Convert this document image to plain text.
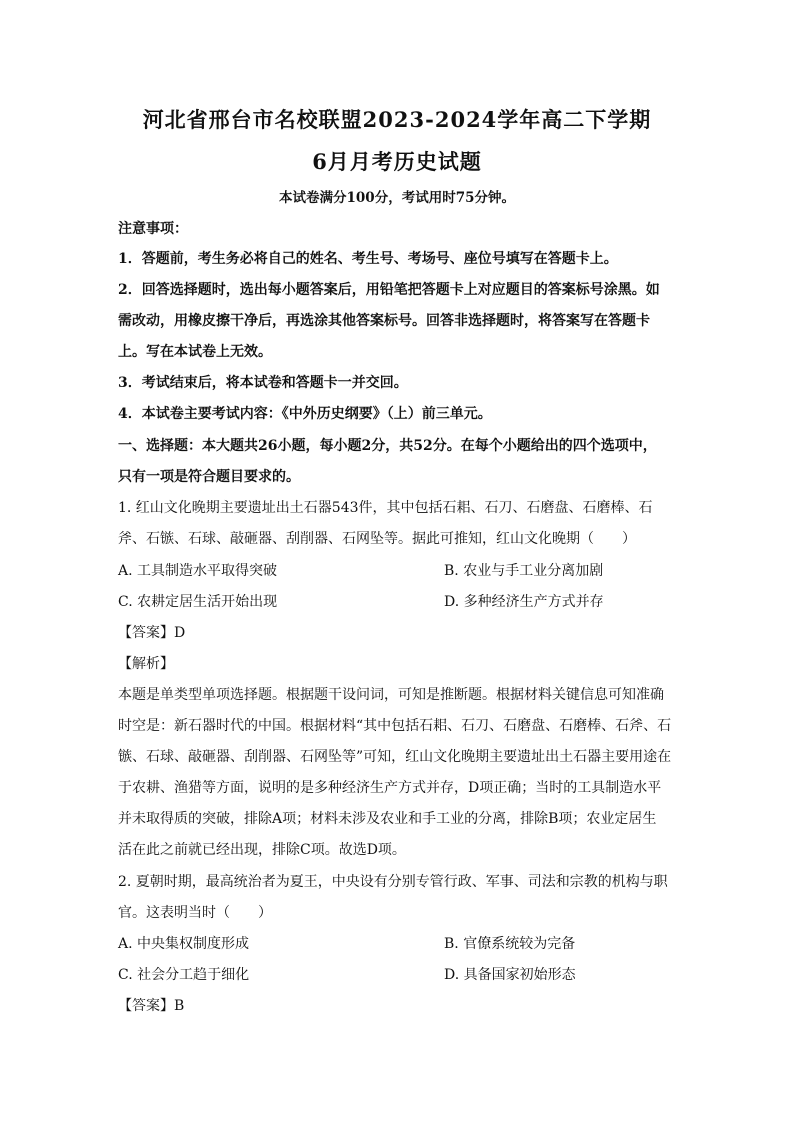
河北省邢台市名校联盟2023-2024学年高二下学期
6月月考历史试题
本试卷满分100分，考试用时75分钟。
注意事项：
1．答题前，考生务必将自己的姓名、考生号、考场号、座位号填写在答题卡上。
2．回答选择题时，选出每小题答案后，用铅笔把答题卡上对应题目的答案标号涂黑。如
需改动，用橡皮擦干净后，再选涂其他答案标号。回答非选择题时，将答案写在答题卡
上。写在本试卷上无效。
3．考试结束后，将本试卷和答题卡一并交回。
4．本试卷主要考试内容：《中外历史纲要》（上）前三单元。
一、选择题：本大题共26小题，每小题2分，共52分。在每个小题给出的四个选项中，
只有一项是符合题目要求的。
1. 红山文化晚期主要遗址出土石器543件，其中包括石耜、石刀、石磨盘、石磨棒、石
斧、石镞、石球、敲砸器、刮削器、石网坠等。据此可推知，红山文化晚期（　　）
A. 工具制造水平取得突破	B. 农业与手工业分离加剧
C. 农耕定居生活开始出现	D. 多种经济生产方式并存
【答案】D
【解析】
本题是单类型单项选择题。根据题干设问词，可知是推断题。根据材料关键信息可知准确
时空是：新石器时代的中国。根据材料“其中包括石耜、石刀、石磨盘、石磨棒、石斧、石
镞、石球、敲砸器、刮削器、石网坠等”可知，红山文化晚期主要遗址出土石器主要用途在
于农耕、渔猎等方面，说明的是多种经济生产方式并存，D项正确；当时的工具制造水平
并未取得质的突破，排除A项；材料未涉及农业和手工业的分离，排除B项；农业定居生
活在此之前就已经出现，排除C项。故选D项。
2. 夏朝时期，最高统治者为夏王，中央设有分别专管行政、军事、司法和宗教的机构与职
官。这表明当时（　　）
A. 中央集权制度形成	B. 官僚系统较为完备
C. 社会分工趋于细化	D. 具备国家初始形态
【答案】B
